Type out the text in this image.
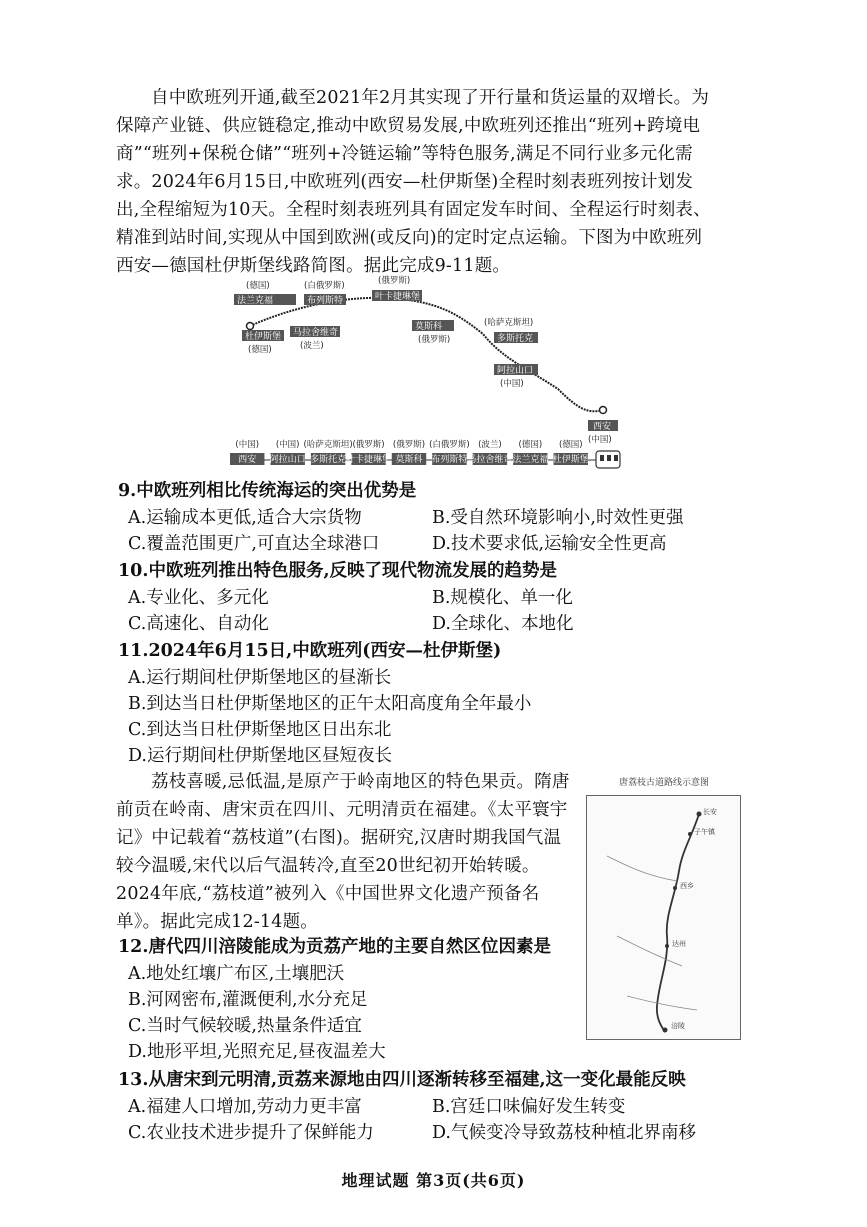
自中欧班列开通,截至2021年2月其实现了开行量和货运量的双增长。为保障产业链、供应链稳定,推动中欧贸易发展,中欧班列还推出“班列+跨境电商”“班列+保税仓储”“班列+冷链运输”等特色服务,满足不同行业多元化需求。2024年6月15日,中欧班列(西安—杜伊斯堡)全程时刻表班列按计划发出,全程缩短为10天。全程时刻表班列具有固定发车时间、全程运行时刻表、精准到站时间,实现从中国到欧洲(或反向)的定时定点运输。下图为中欧班列西安—德国杜伊斯堡线路简图。据此完成9-11题。
法兰克福
(德国)
杜伊斯堡
(德国)
布列斯特
(白俄罗斯)
马拉舍维奇
(波兰)
叶卡捷琳堡
(俄罗斯)
莫斯科
(俄罗斯)	多斯托克
(哈萨克斯坦)
阿拉山口
(中国)
西安
(中国)
西安
(中国)
阿拉山口
(中国)
多斯托克
(哈萨克斯坦)
叶卡捷琳堡
(俄罗斯)
莫斯科
(俄罗斯)
布列斯特
(白俄罗斯)
马拉舍维奇
(波兰)
法兰克福
(德国)
杜伊斯堡
(德国)
9.中欧班列相比传统海运的突出优势是
A.运输成本更低,适合大宗货物	B.受自然环境影响小,时效性更强
C.覆盖范围更广,可直达全球港口	D.技术要求低,运输安全性更高
10.中欧班列推出特色服务,反映了现代物流发展的趋势是
A.专业化、多元化	B.规模化、单一化
C.高速化、自动化	D.全球化、本地化
11.2024年6月15日,中欧班列(西安—杜伊斯堡)
A.运行期间杜伊斯堡地区的昼渐长
B.到达当日杜伊斯堡地区的正午太阳高度角全年最小
C.到达当日杜伊斯堡地区日出东北
D.运行期间杜伊斯堡地区昼短夜长
荔枝喜暖,忌低温,是原产于岭南地区的特色果贡。隋唐前贡在岭南、唐宋贡在四川、元明清贡在福建。《太平寰宇记》中记载着“荔枝道”(右图)。据研究,汉唐时期我国气温较今温暖,宋代以后气温转冷,直至20世纪初开始转暖。2024年底,“荔枝道”被列入《中国世界文化遗产预备名单》。据此完成12-14题。
唐荔枝古道路线示意图
长安
子午镇
西乡
达州
涪陵
12.唐代四川涪陵能成为贡荔产地的主要自然区位因素是
A.地处红壤广布区,土壤肥沃
B.河网密布,灌溉便利,水分充足
C.当时气候较暖,热量条件适宜
D.地形平坦,光照充足,昼夜温差大
13.从唐宋到元明清,贡荔来源地由四川逐渐转移至福建,这一变化最能反映
A.福建人口增加,劳动力更丰富	B.宫廷口味偏好发生转变
C.农业技术进步提升了保鲜能力	D.气候变冷导致荔枝种植北界南移
地理试题 第3页(共6页)
